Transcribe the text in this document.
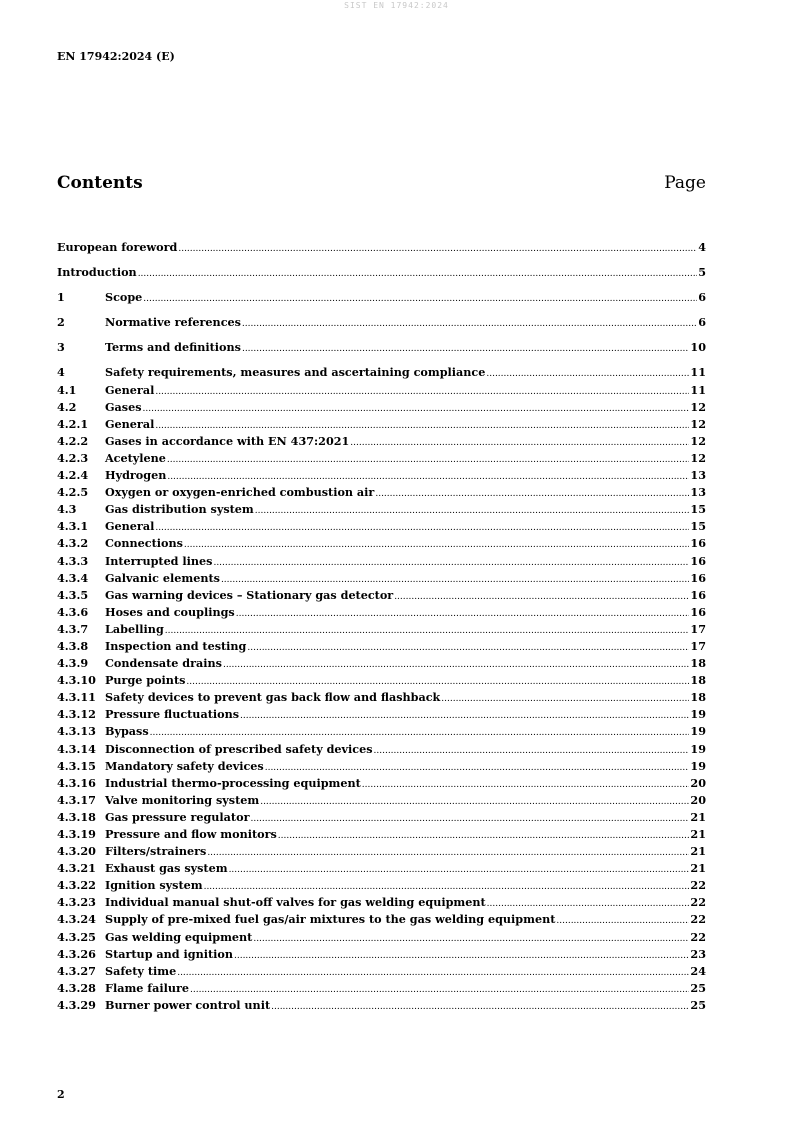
SIST EN 17942:2024
EN 17942:2024 (E)
Contents	Page
European foreword .....	4
Introduction .....	5
1	Scope .....	6
2	Normative references .....	6
3	Terms and definitions .....	10
4	Safety requirements, measures and ascertaining compliance .....	11
4.1	General .....	11
4.2	Gases .....	12
4.2.1	General .....	12
4.2.2	Gases in accordance with EN 437:2021 .....	12
4.2.3	Acetylene .....	12
4.2.4	Hydrogen .....	13
4.2.5	Oxygen or oxygen-enriched combustion air .....	13
4.3	Gas distribution system .....	15
4.3.1	General .....	15
4.3.2	Connections .....	16
4.3.3	Interrupted lines .....	16
4.3.4	Galvanic elements .....	16
4.3.5	Gas warning devices – Stationary gas detector .....	16
4.3.6	Hoses and couplings .....	16
4.3.7	Labelling .....	17
4.3.8	Inspection and testing .....	17
4.3.9	Condensate drains .....	18
4.3.10 Purge points .....	18
4.3.11 Safety devices to prevent gas back flow and flashback .....	18
4.3.12 Pressure fluctuations .....	19
4.3.13 Bypass .....	19
4.3.14 Disconnection of prescribed safety devices .....	19
4.3.15 Mandatory safety devices .....	19
4.3.16 Industrial thermo-processing equipment .....	20
4.3.17 Valve monitoring system .....	20
4.3.18 Gas pressure regulator .....	21
4.3.19 Pressure and flow monitors .....	21
4.3.20 Filters/strainers .....	21
4.3.21 Exhaust gas system .....	21
4.3.22 Ignition system .....	22
4.3.23 Individual manual shut-off valves for gas welding equipment .....	22
4.3.24 Supply of pre-mixed fuel gas/air mixtures to the gas welding equipment .....	22
4.3.25 Gas welding equipment .....	22
4.3.26 Startup and ignition .....	23
4.3.27 Safety time .....	24
4.3.28 Flame failure .....	25
4.3.29 Burner power control unit .....	25
2
